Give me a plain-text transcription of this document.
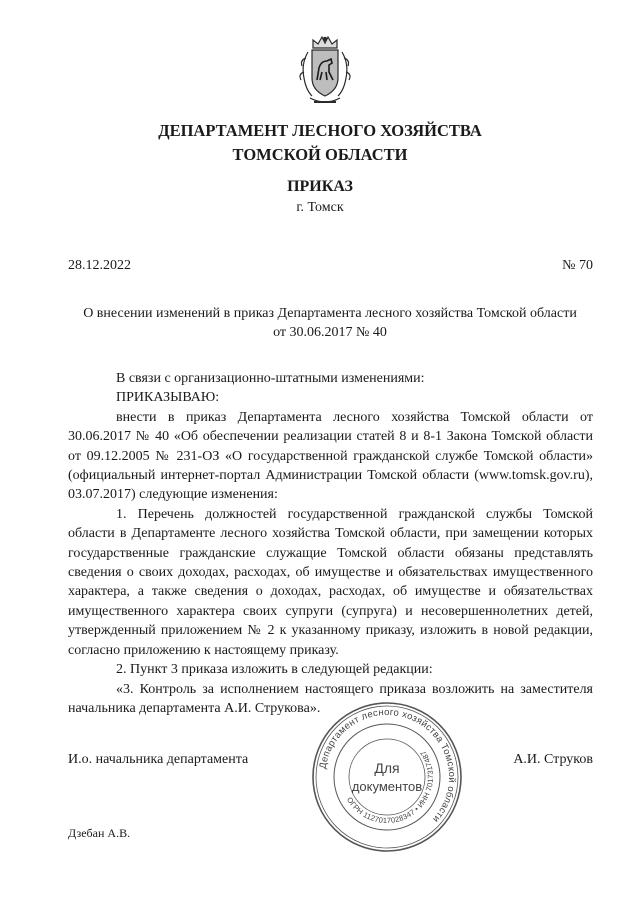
ДЕПАРТАМЕНТ ЛЕСНОГО ХОЗЯЙСТВА
ТОМСКОЙ ОБЛАСТИ
ПРИКАЗ
г. Томск
28.12.2022	№ 70
О внесении изменений в приказ Департамента лесного хозяйства Томской области
от 30.06.2017 № 40

В связи с организационно-штатными изменениями:

ПРИКАЗЫВАЮ:

внести в приказ Департамента лесного хозяйства Томской области от 30.06.2017 № 40 «Об обеспечении реализации статей 8 и 8-1 Закона Томской области от 09.12.2005 № 231-ОЗ «О государственной гражданской службе Томской области» (официальный интернет-портал Администрации Томской области (www.tomsk.gov.ru), 03.07.2017) следующие изменения:

1. Перечень должностей государственной гражданской службы Томской области в Департаменте лесного хозяйства Томской области, при замещении которых государственные гражданские служащие Томской области обязаны представлять сведения о своих доходах, расходах, об имуществе и обязательствах имущественного характера, а также сведения о доходах, расходах, об имуществе и обязательствах имущественного характера своих супруги (супруга) и несовершеннолетних детей, утвержденный приложением № 2 к указанному приказу, изложить в новой редакции, согласно приложению к настоящему приказу.

2. Пункт 3 приказа изложить в следующей редакции:

«3. Контроль за исполнением настоящего приказа возложить на заместителя начальника департамента А.И. Струкова».

И.о. начальника департамента	А.И. Струков
Департамент лесного хозяйства Томской области
ОГРН 1127017028347 • ИНН 7017317487
Для
документов
Дзебан А.В.
